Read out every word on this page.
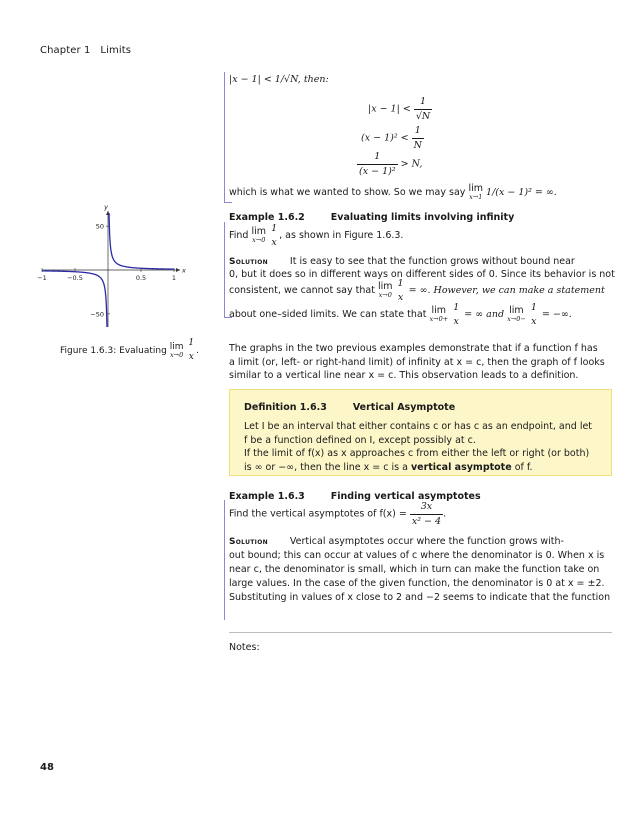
Chapter 1 Limits
|x − 1| < 1/√N, then:
$|x - 1| < \frac{1}{√N}$
$(x - 1)^2 < \frac{1}{N}$
$\frac{1}{\text{(x − 1)²}} > N$,
which is what we wanted to show. So we may say lim
x→1 1/(x − 1)² = ∞.
Example 1.6.2	Evaluating limits involving infinity
Find lim
x→0

1
x
, as shown in Figure 1.6.3.
Solution It is easy to see that the function grows without bound near
0, but it does so in different ways on different sides of 0. Since its behavior is not
consistent, we cannot say that lim
x→0

1
x
= ∞. However, we can make a statement
about one–sided limits. We can state that lim
x→0+

1
x
= ∞ and lim
x→0−

1
x
= −∞.
−1	−0.5	0.5	1
50
−50
x
y
Figure 1.6.3: Evaluating lim
x→0

1
x
.	The graphs in the two previous examples demonstrate that if a function f has
a limit (or, left- or right-hand limit) of infinity at x = c, then the graph of f looks
similar to a vertical line near x = c. This observation leads to a definition.
Definition 1.6.3	Vertical Asymptote
Let I be an interval that either contains c or has c as an endpoint, and let
f be a function defined on I, except possibly at c.
If the limit of f(x) as x approaches c from either the left or right (or both)
is ∞ or −∞, then the line x = c is a vertical asymptote of f.
Example 1.6.3	Finding vertical asymptotes
Find the vertical asymptotes of $f(x) = \frac{3x}{\text{x² − 4}}$ .
Solution Vertical asymptotes occur where the function grows with-
out bound; this can occur at values of c where the denominator is 0. When x is
near c, the denominator is small, which in turn can make the function take on
large values. In the case of the given function, the denominator is 0 at x = ±2.
Substituting in values of x close to 2 and −2 seems to indicate that the function
Notes:
48
